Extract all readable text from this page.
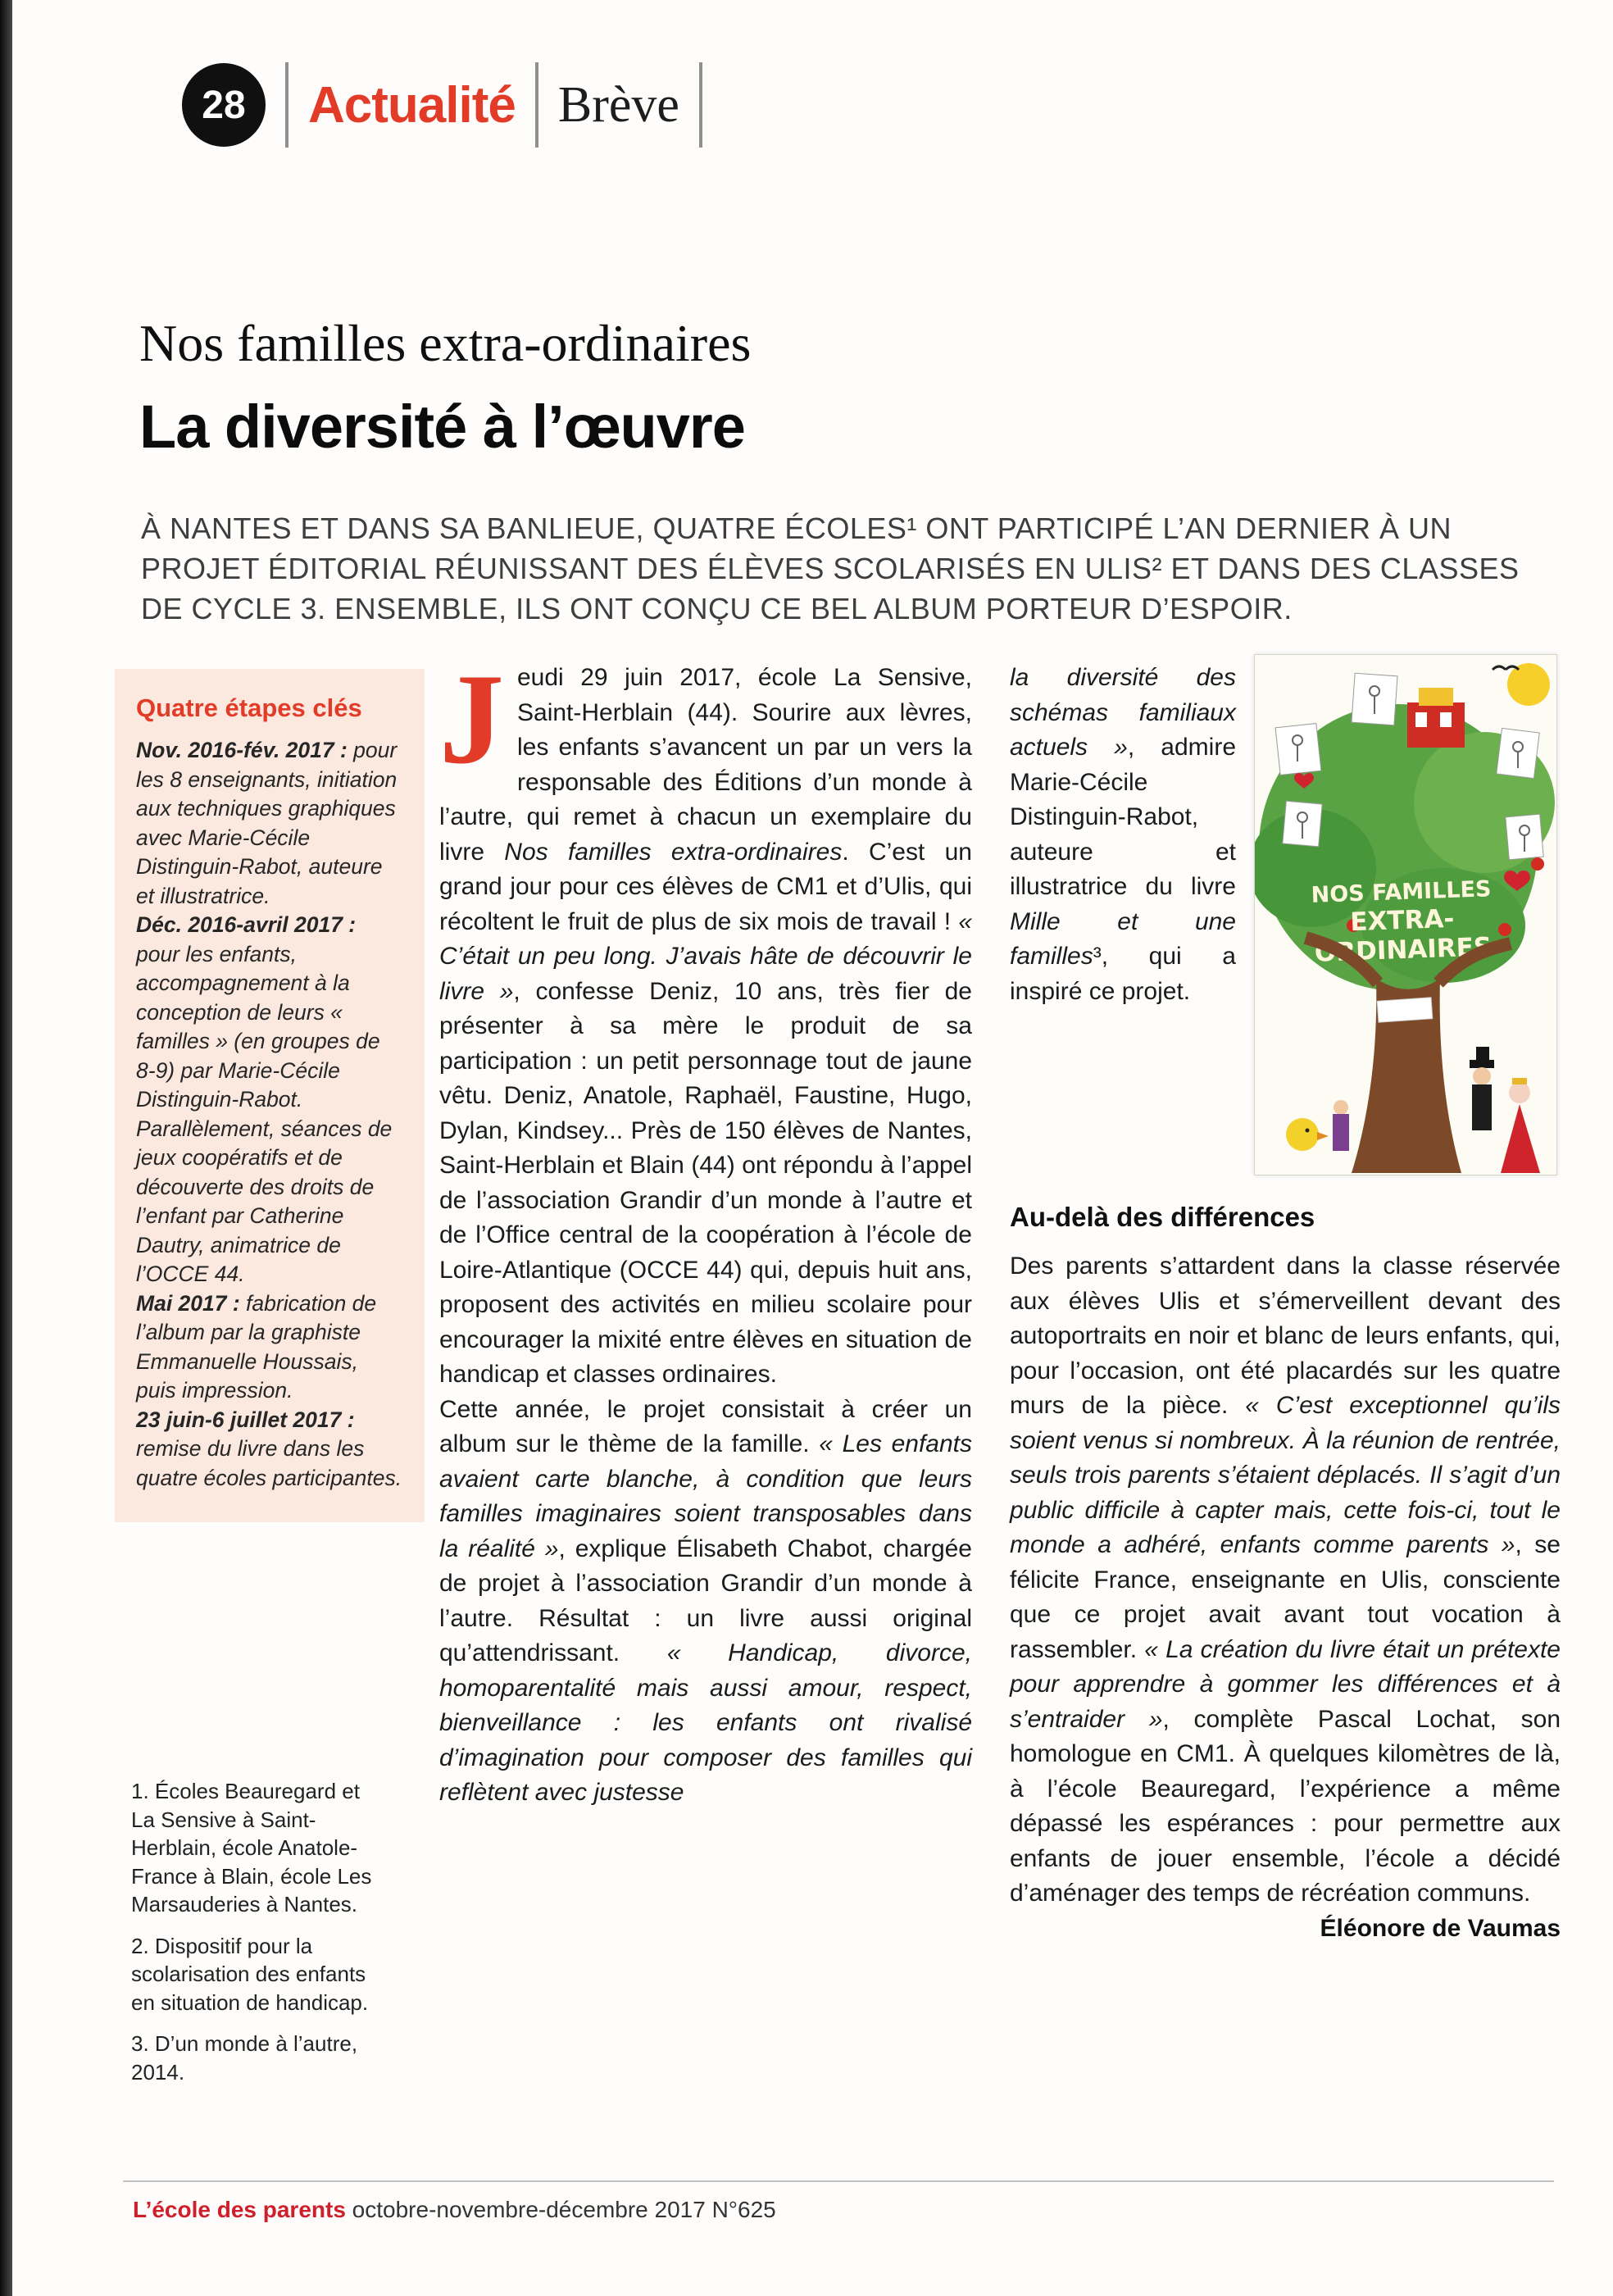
28 Actualité Brève
Nos familles extra-ordinaires
La diversité à l’œuvre
À NANTES ET DANS SA BANLIEUE, QUATRE ÉCOLES¹ ONT PARTICIPÉ L’AN DERNIER À UN PROJET ÉDITORIAL RÉUNISSANT DES ÉLÈVES SCOLARISÉS EN ULIS² ET DANS DES CLASSES DE CYCLE 3. ENSEMBLE, ILS ONT CONÇU CE BEL ALBUM PORTEUR D’ESPOIR.
Quatre étapes clés
Nov. 2016-fév. 2017 : pour les 8 enseignants, initiation aux techniques graphiques avec Marie-Cécile Distinguin-Rabot, auteure et illustratrice.
Déc. 2016-avril 2017 : pour les enfants, accompagnement à la conception de leurs « familles » (en groupes de 8-9) par Marie-Cécile Distinguin-Rabot. Parallèlement, séances de jeux coopératifs et de découverte des droits de l’enfant par Catherine Dautry, animatrice de l’OCCE 44.
Mai 2017 : fabrication de l’album par la graphiste Emmanuelle Houssais, puis impression.
23 juin-6 juillet 2017 : remise du livre dans les quatre écoles participantes.
1. Écoles Beauregard et La Sensive à Saint-Herblain, école Anatole-France à Blain, école Les Marsauderies à Nantes.
2. Dispositif pour la scolarisation des enfants en situation de handicap.
3. D’un monde à l’autre, 2014.

Jeudi 29 juin 2017, école La Sensive, Saint-Herblain (44). Sourire aux lèvres, les enfants s’avancent un par un vers la responsable des Éditions d’un monde à l’autre, qui remet à chacun un exemplaire du livre Nos familles extra-ordinaires. C’est un grand jour pour ces élèves de CM1 et d’Ulis, qui récoltent le fruit de plus de six mois de travail ! « C’était un peu long. J’avais hâte de découvrir le livre », confesse Deniz, 10 ans, très fier de présenter à sa mère le produit de sa participation : un petit personnage tout de jaune vêtu. Deniz, Anatole, Raphaël, Faustine, Hugo, Dylan, Kindsey... Près de 150 élèves de Nantes, Saint-Herblain et Blain (44) ont répondu à l’appel de l’association Grandir d’un monde à l’autre et de l’Office central de la coopération à l’école de Loire-Atlantique (OCCE 44) qui, depuis huit ans, proposent des activités en milieu scolaire pour encourager la mixité entre élèves en situation de handicap et classes ordinaires.

Cette année, le projet consistait à créer un album sur le thème de la famille. « Les enfants avaient carte blanche, à condition que leurs familles imaginaires soient transposables dans la réalité », explique Élisabeth Chabot, chargée de projet à l’association Grandir d’un monde à l’autre. Résultat : un livre aussi original qu’attendrissant. « Handicap, divorce, homoparentalité mais aussi amour, respect, bienveillance : les enfants ont rivalisé d’imagination pour composer des familles qui reflètent avec justesse

la diversité des schémas familiaux actuels », admire Marie-Cécile Distinguin-Rabot, auteure et illustratrice du livre Mille et une familles³, qui a inspiré ce projet.
NOS FAMILLES
EXTRA-
ORDINAIRES
Au-delà des différences

Des parents s’attardent dans la classe réservée aux élèves Ulis et s’émerveillent devant des autoportraits en noir et blanc de leurs enfants, qui, pour l’occasion, ont été placardés sur les quatre murs de la pièce. « C’est exceptionnel qu’ils soient venus si nombreux. À la réunion de rentrée, seuls trois parents s’étaient déplacés. Il s’agit d’un public difficile à capter mais, cette fois-ci, tout le monde a adhéré, enfants comme parents », se félicite France, enseignante en Ulis, consciente que ce projet avait avant tout vocation à rassembler. « La création du livre était un prétexte pour apprendre à gommer les différences et à s’entraider », complète Pascal Lochat, son homologue en CM1. À quelques kilomètres de là, à l’école Beauregard, l’expérience a même dépassé les espérances : pour permettre aux enfants de jouer ensemble, l’école a décidé d’aménager des temps de récréation communs.
Éléonore de Vaumas

L’école des parents octobre-novembre-décembre 2017 N°625
